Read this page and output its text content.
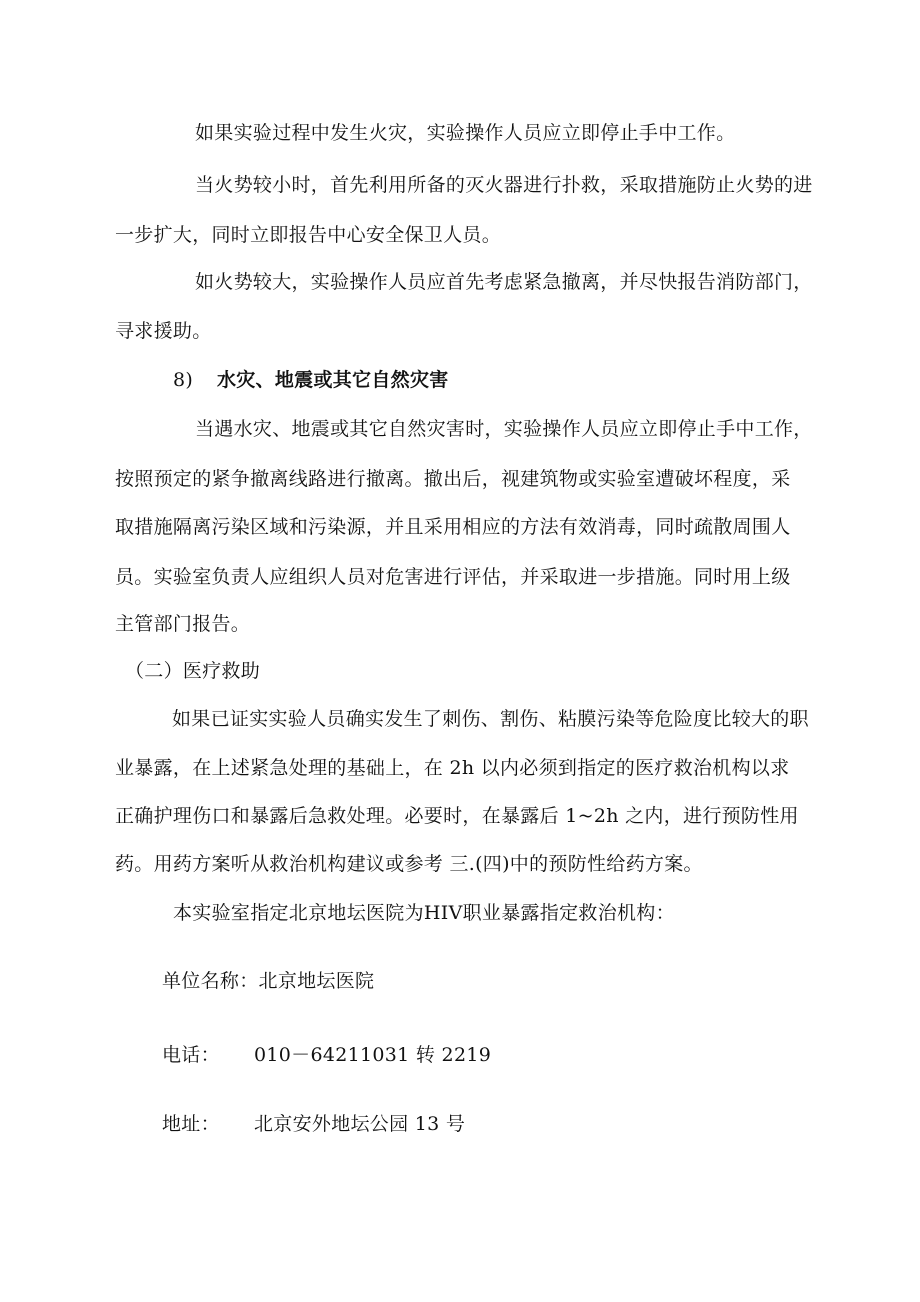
如果实验过程中发生火灾，实验操作人员应立即停止手中工作。
当火势较小时，首先利用所备的灭火器进行扑救，采取措施防止火势的进
一步扩大，同时立即报告中心安全保卫人员。
如火势较大，实验操作人员应首先考虑紧急撤离，并尽快报告消防部门，
寻求援助。
8) 水灾、地震或其它自然灾害
当遇水灾、地震或其它自然灾害时，实验操作人员应立即停止手中工作，
按照预定的紧争撤离线路进行撤离。撤出后，视建筑物或实验室遭破坏程度，采
取措施隔离污染区域和污染源，并且采用相应的方法有效消毒，同时疏散周围人
员。实验室负责人应组织人员对危害进行评估，并采取进一步措施。同时用上级
主管部门报告。
（二）医疗救助
如果已证实实验人员确实发生了刺伤、割伤、粘膜污染等危险度比较大的职
业暴露，在上述紧急处理的基础上，在 2h 以内必须到指定的医疗救治机构以求
正确护理伤口和暴露后急救处理。必要时，在暴露后 1~2h 之内，进行预防性用
药。用药方案听从救治机构建议或参考 三.(四)中的预防性给药方案。
本实验室指定北京地坛医院为HIV职业暴露指定救治机构：
单位名称：北京地坛医院
电话： 010－64211031 转 2219
地址： 北京安外地坛公园 13 号
